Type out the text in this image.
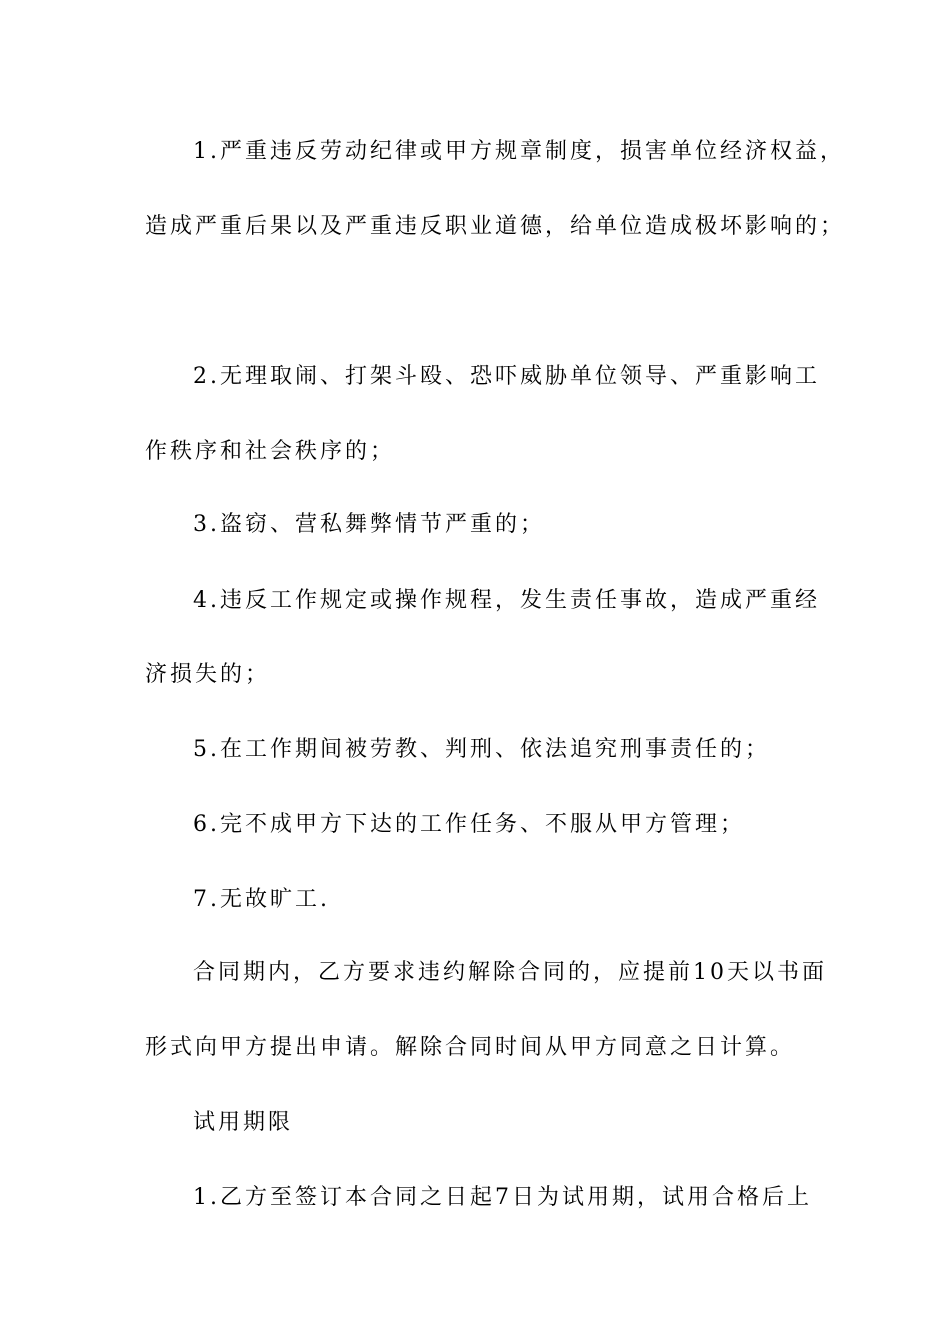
1.严重违反劳动纪律或甲方规章制度，损害单位经济权益，
造成严重后果以及严重违反职业道德，给单位造成极坏影响的；
2.无理取闹、打架斗殴、恐吓威胁单位领导、严重影响工
作秩序和社会秩序的；
3.盗窃、营私舞弊情节严重的；
4.违反工作规定或操作规程，发生责任事故，造成严重经
济损失的；
5.在工作期间被劳教、判刑、依法追究刑事责任的；
6.完不成甲方下达的工作任务、不服从甲方管理；
7.无故旷工.
合同期内，乙方要求违约解除合同的，应提前10天以书面
形式向甲方提出申请。解除合同时间从甲方同意之日计算。
试用期限
1.乙方至签订本合同之日起7日为试用期，试用合格后上
